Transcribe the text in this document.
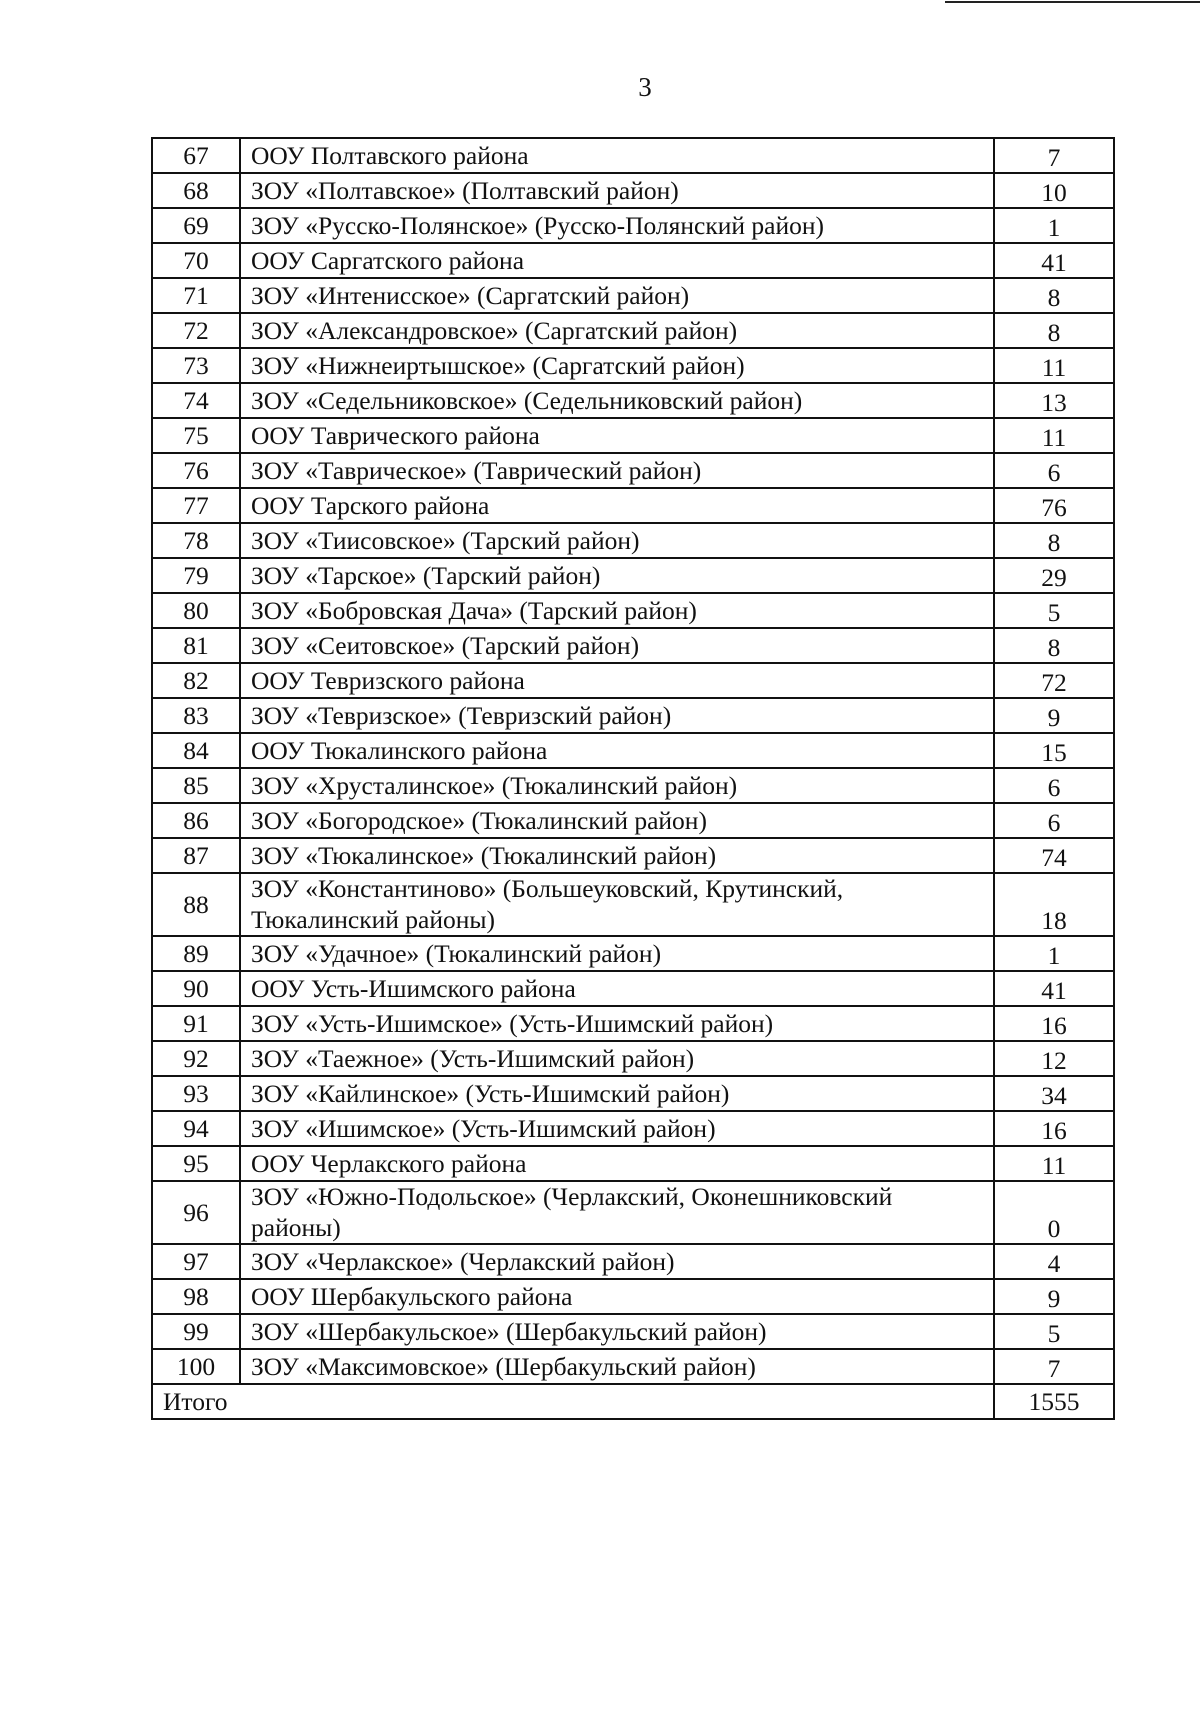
3
67	ООУ Полтавского района	7
68	ЗОУ «Полтавское» (Полтавский район)	10
69	ЗОУ «Русско-Полянское» (Русско-Полянский район)	1
70	ООУ Саргатского района	41
71	ЗОУ «Интенисское» (Саргатский район)	8
72	ЗОУ «Александровское» (Саргатский район)	8
73	ЗОУ «Нижнеиртышское» (Саргатский район)	11
74	ЗОУ «Седельниковское» (Седельниковский район)	13
75	ООУ Таврического района	11
76	ЗОУ «Таврическое» (Таврический район)	6
77	ООУ Тарского района	76
78	ЗОУ «Тиисовское» (Тарский район)	8
79	ЗОУ «Тарское» (Тарский район)	29
80	ЗОУ «Бобровская Дача» (Тарский район)	5
81	ЗОУ «Сеитовское» (Тарский район)	8
82	ООУ Тевризского района	72
83	ЗОУ «Тевризское» (Тевризский район)	9
84	ООУ Тюкалинского района	15
85	ЗОУ «Хрусталинское» (Тюкалинский район)	6
86	ЗОУ «Богородское» (Тюкалинский район)	6
87	ЗОУ «Тюкалинское» (Тюкалинский район)	74
88	ЗОУ «Константиново» (Большеуковский, Крутинский,
Тюкалинский районы)	18
89	ЗОУ «Удачное» (Тюкалинский район)	1
90	ООУ Усть-Ишимского района	41
91	ЗОУ «Усть-Ишимское» (Усть-Ишимский район)	16
92	ЗОУ «Таежное» (Усть-Ишимский район)	12
93	ЗОУ «Кайлинское» (Усть-Ишимский район)	34
94	ЗОУ «Ишимское» (Усть-Ишимский район)	16
95	ООУ Черлакского района	11
96	ЗОУ «Южно-Подольское» (Черлакский, Оконешниковский
районы)	0
97	ЗОУ «Черлакское» (Черлакский район)	4
98	ООУ Шербакульского района	9
99	ЗОУ «Шербакульское» (Шербакульский район)	5
100	ЗОУ «Максимовское» (Шербакульский район)	7
Итого		1555
